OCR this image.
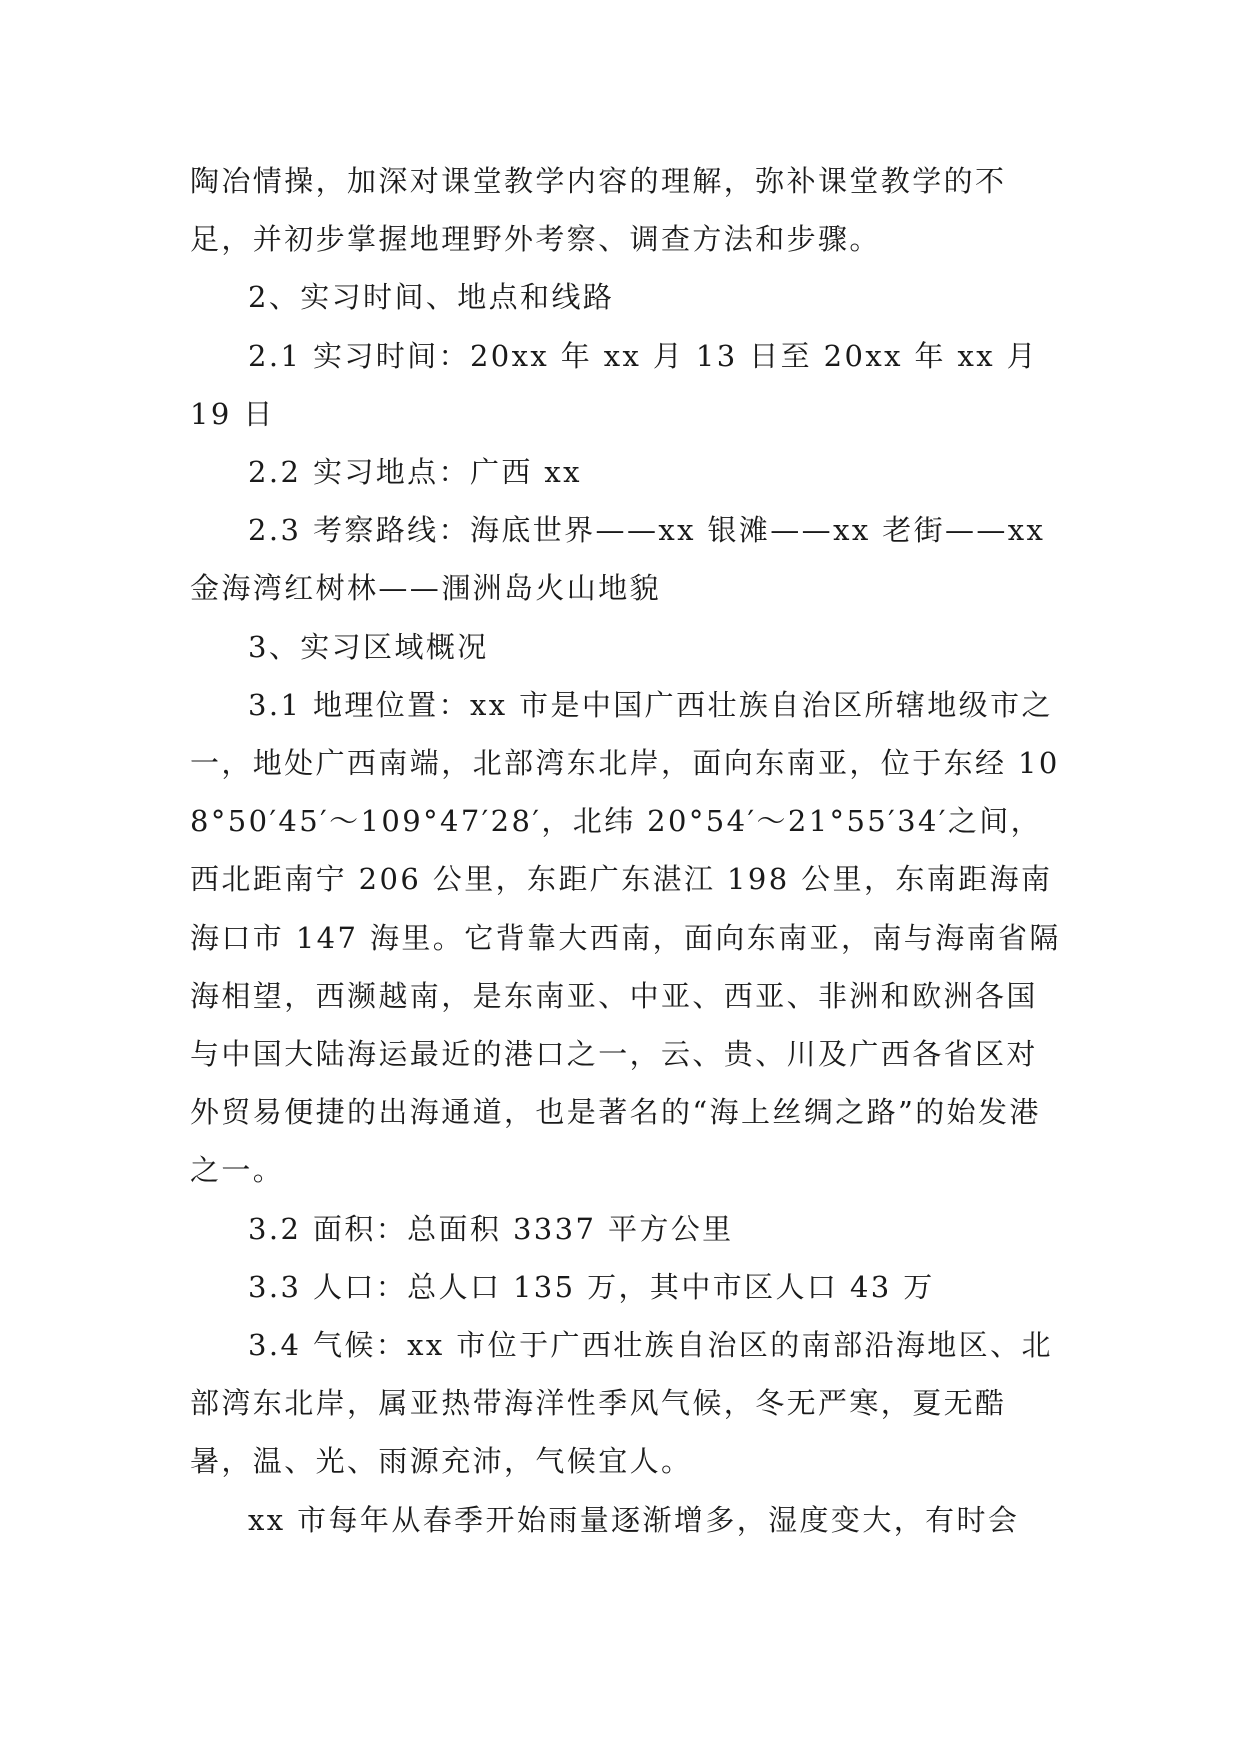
陶冶情操，加深对课堂教学内容的理解，弥补课堂教学的不足，并初步掌握地理野外考察、调查方法和步骤。

2、实习时间、地点和线路

2.1 实习时间：20xx 年 xx 月 13 日至 20xx 年 xx 月 19 日

2.2 实习地点：广西 xx

2.3 考察路线：海底世界——xx 银滩——xx 老街——xx 金海湾红树林——涠洲岛火山地貌

3、实习区域概况

3.1 地理位置：xx 市是中国广西壮族自治区所辖地级市之一，地处广西南端，北部湾东北岸，面向东南亚，位于东经 108°50′45′～109°47′28′，北纬 20°54′～21°55′34′之间，西北距南宁 206 公里，东距广东湛江 198 公里，东南距海南海口市 147 海里。它背靠大西南，面向东南亚，南与海南省隔海相望，西濒越南，是东南亚、中亚、西亚、非洲和欧洲各国与中国大陆海运最近的港口之一，云、贵、川及广西各省区对外贸易便捷的出海通道，也是著名的“海上丝绸之路”的始发港之一。

3.2 面积：总面积 3337 平方公里

3.3 人口：总人口 135 万，其中市区人口 43 万

3.4 气候：xx 市位于广西壮族自治区的南部沿海地区、北部湾东北岸，属亚热带海洋性季风气候，冬无严寒，夏无酷暑，温、光、雨源充沛，气候宜人。

xx 市每年从春季开始雨量逐渐增多，湿度变大，有时会
